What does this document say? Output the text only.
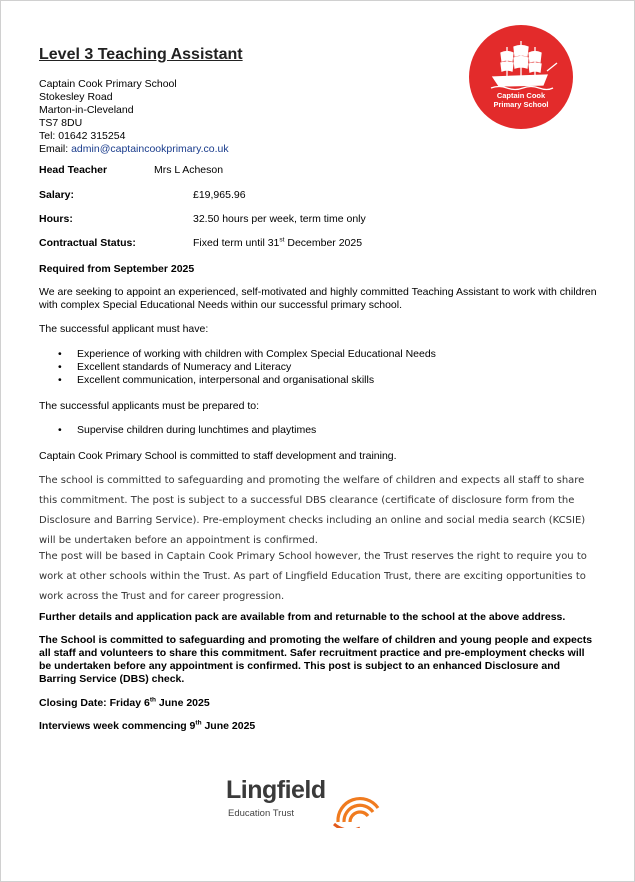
Level 3 Teaching Assistant
Captain Cook Primary School
Stokesley Road
Marton-in-Cleveland
TS7 8DU
Tel: 01642 315254
Email: admin@captaincookprimary.co.uk
Captain Cook
Primary School
Head Teacher	Mrs L Acheson
Salary:	£19,965.96
Hours:	32.50 hours per week, term time only
Contractual Status:	Fixed term until 31st December 2025
Required from September 2025
We are seeking to appoint an experienced, self-motivated and highly committed Teaching Assistant to work with children with complex Special Educational Needs within our successful primary school.
The successful applicant must have:
• Experience of working with children with Complex Special Educational Needs
• Excellent standards of Numeracy and Literacy
• Excellent communication, interpersonal and organisational skills
The successful applicants must be prepared to:
• Supervise children during lunchtimes and playtimes
Captain Cook Primary School is committed to staff development and training.
The school is committed to safeguarding and promoting the welfare of children and expects all staff to share this commitment. The post is subject to a successful DBS clearance (certificate of disclosure form from the Disclosure and Barring Service). Pre-employment checks including an online and social media search (KCSIE) will be undertaken before an appointment is confirmed.
The post will be based in Captain Cook Primary School however, the Trust reserves the right to require you to work at other schools within the Trust. As part of Lingfield Education Trust, there are exciting opportunities to work across the Trust and for career progression.
Further details and application pack are available from and returnable to the school at the above address.
The School is committed to safeguarding and promoting the welfare of children and young people and expects all staff and volunteers to share this commitment. Safer recruitment practice and pre-employment checks will be undertaken before any appointment is confirmed. This post is subject to an enhanced Disclosure and Barring Service (DBS) check.
Closing Date: Friday 6th June 2025
Interviews week commencing 9th June 2025
Lingfield
Education Trust
